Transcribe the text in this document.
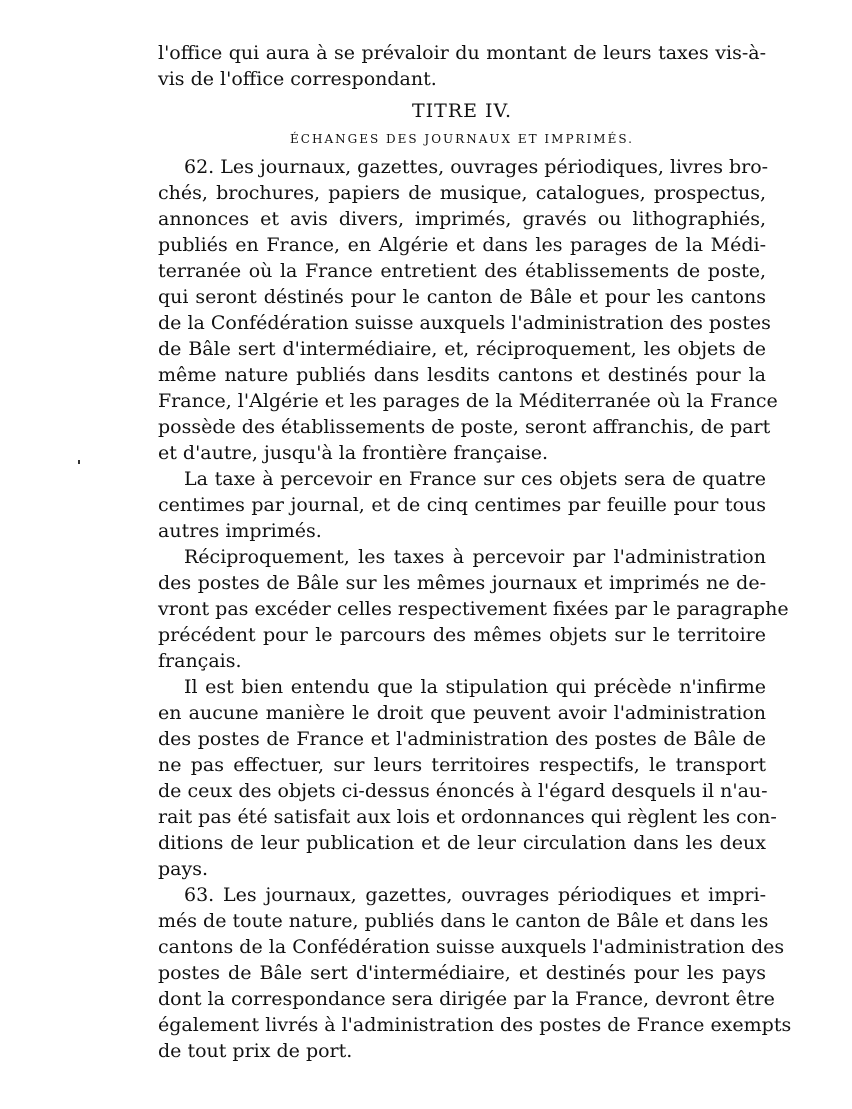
l'office qui aura à se prévaloir du montant de leurs taxes vis-à-
vis de l'office correspondant.
TITRE IV.
ÉCHANGES DES JOURNAUX ET IMPRIMÉS.
62. Les journaux, gazettes, ouvrages périodiques, livres bro-
chés, brochures, papiers de musique, catalogues, prospectus,
annonces et avis divers, imprimés, gravés ou lithographiés,
publiés en France, en Algérie et dans les parages de la Médi-
terranée où la France entretient des établissements de poste,
qui seront déstinés pour le canton de Bâle et pour les cantons
de la Confédération suisse auxquels l'administration des postes
de Bâle sert d'intermédiaire, et, réciproquement, les objets de
même nature publiés dans lesdits cantons et destinés pour la
France, l'Algérie et les parages de la Méditerranée où la France
possède des établissements de poste, seront affranchis, de part
et d'autre, jusqu'à la frontière française.
La taxe à percevoir en France sur ces objets sera de quatre
centimes par journal, et de cinq centimes par feuille pour tous
autres imprimés.
Réciproquement, les taxes à percevoir par l'administration
des postes de Bâle sur les mêmes journaux et imprimés ne de-
vront pas excéder celles respectivement fixées par le paragraphe
précédent pour le parcours des mêmes objets sur le territoire
français.
Il est bien entendu que la stipulation qui précède n'infirme
en aucune manière le droit que peuvent avoir l'administration
des postes de France et l'administration des postes de Bâle de
ne pas effectuer, sur leurs territoires respectifs, le transport
de ceux des objets ci-dessus énoncés à l'égard desquels il n'au-
rait pas été satisfait aux lois et ordonnances qui règlent les con-
ditions de leur publication et de leur circulation dans les deux
pays.
63. Les journaux, gazettes, ouvrages périodiques et impri-
més de toute nature, publiés dans le canton de Bâle et dans les
cantons de la Confédération suisse auxquels l'administration des
postes de Bâle sert d'intermédiaire, et destinés pour les pays
dont la correspondance sera dirigée par la France, devront être
également livrés à l'administration des postes de France exempts
de tout prix de port.
